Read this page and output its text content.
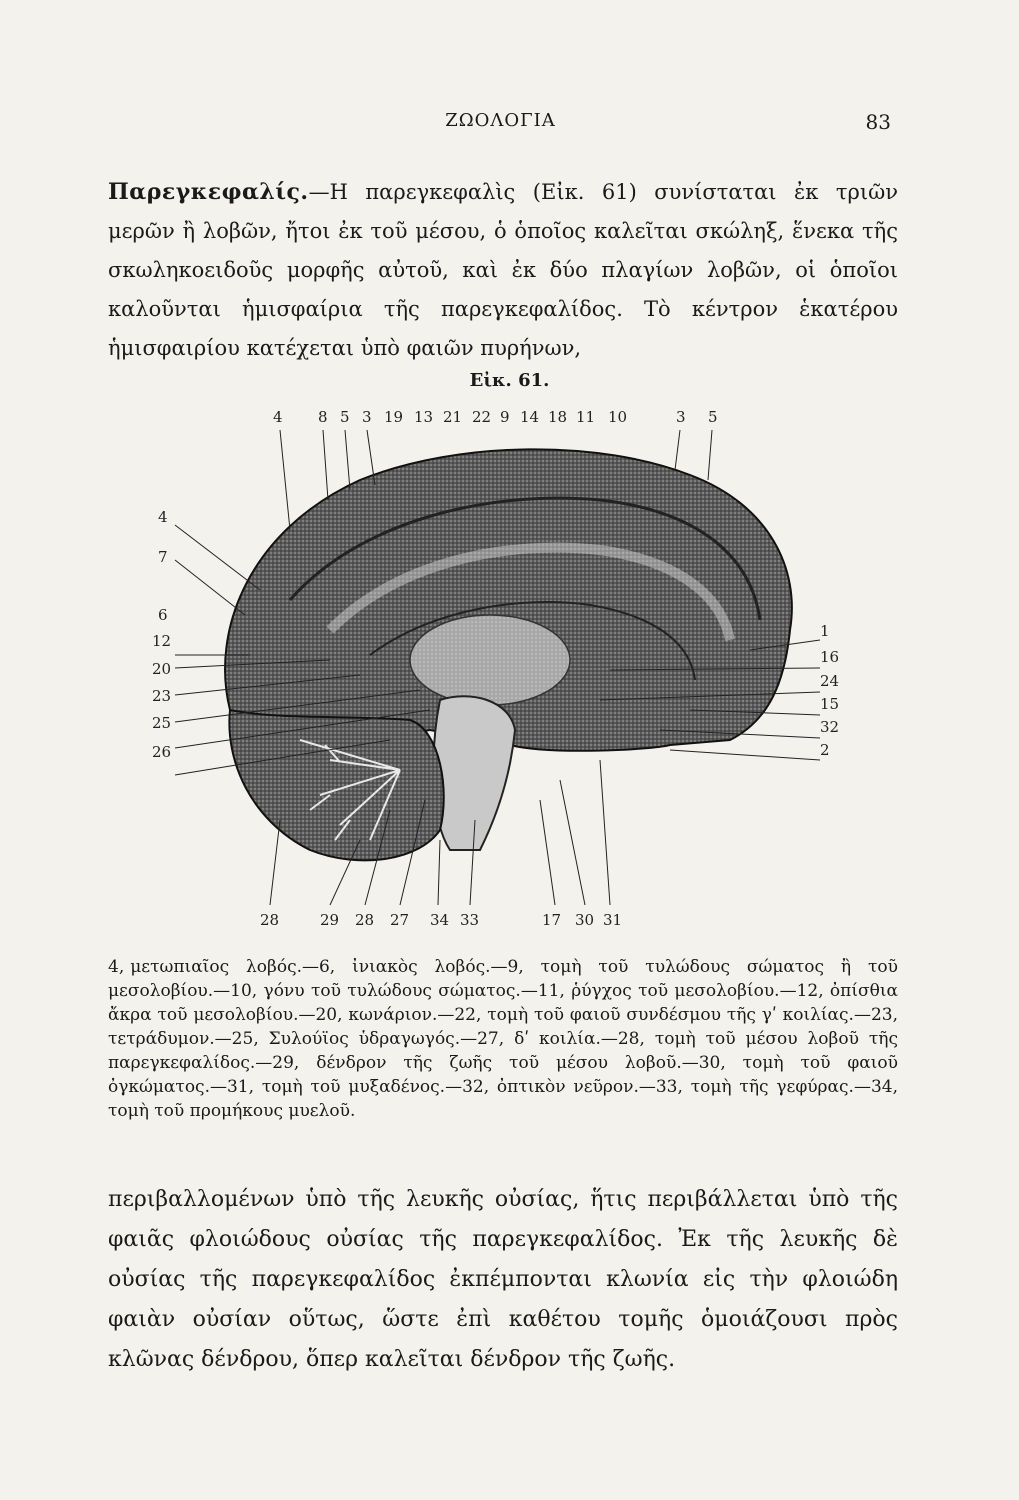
ΖΩΟΛΟΓΙΑ	83
Παρεγκεφαλίς.—Η παρεγκεφαλὶς (Εἰκ. 61) συνίσταται ἐκ τριῶν μερῶν ἢ λοβῶν, ἤτοι ἐκ τοῦ μέσου, ὁ ὁποῖος καλεῖται σκώληξ, ἕνεκα τῆς σκωληκοειδοῦς μορφῆς αὐτοῦ, καὶ ἐκ δύο πλαγίων λοβῶν, οἱ ὁποῖοι καλοῦνται ἡμισφαίρια τῆς παρεγκεφαλίδος. Τὸ κέντρον ἑκατέρου ἡμισφαιρίου κατέχεται ὑπὸ φαιῶν πυρήνων,
Εἰκ. 61.
4 8 5 3 19 13 21 22 9 14 18 11 10	3 5
4
7
6
12
20
23
25
26
1
16
24
15
32
2
28	29 28 27 34 33	17 30 31
4, μετωπιαῖος λοβός.—6, ἰνιακὸς λοβός.—9, τομὴ τοῦ τυλώδους σώματος ἢ τοῦ μεσολοβίου.—10, γόνυ τοῦ τυλώδους σώματος.—11, ῥύγχος τοῦ μεσολοβίου.—12, ὀπίσθια ἄκρα τοῦ μεσολοβίου.—20, κωνάριον.—22, τομὴ τοῦ φαιοῦ συνδέσμου τῆς γʹ κοιλίας.—23, τετράδυμον.—25, Συλούϊος ὑδραγωγός.—27, δʹ κοιλία.—28, τομὴ τοῦ μέσου λοβοῦ τῆς παρεγκεφαλίδος.—29, δένδρον τῆς ζωῆς τοῦ μέσου λοβοῦ.—30, τομὴ τοῦ φαιοῦ ὀγκώματος.—31, τομὴ τοῦ μυξαδένος.—32, ὀπτικὸν νεῦρον.—33, τομὴ τῆς γεφύρας.—34, τομὴ τοῦ προμήκους μυελοῦ.
περιβαλλομένων ὑπὸ τῆς λευκῆς οὐσίας, ἥτις περιβάλλεται ὑπὸ τῆς φαιᾶς φλοιώδους οὐσίας τῆς παρεγκεφαλίδος. Ἐκ τῆς λευκῆς δὲ οὐσίας τῆς παρεγκεφαλίδος ἐκπέμπονται κλωνία εἰς τὴν φλοιώδη φαιὰν οὐσίαν οὕτως, ὥστε ἐπὶ καθέτου τομῆς ὁμοιάζουσι πρὸς κλῶνας δένδρου, ὅπερ καλεῖται δένδρον τῆς ζωῆς.
